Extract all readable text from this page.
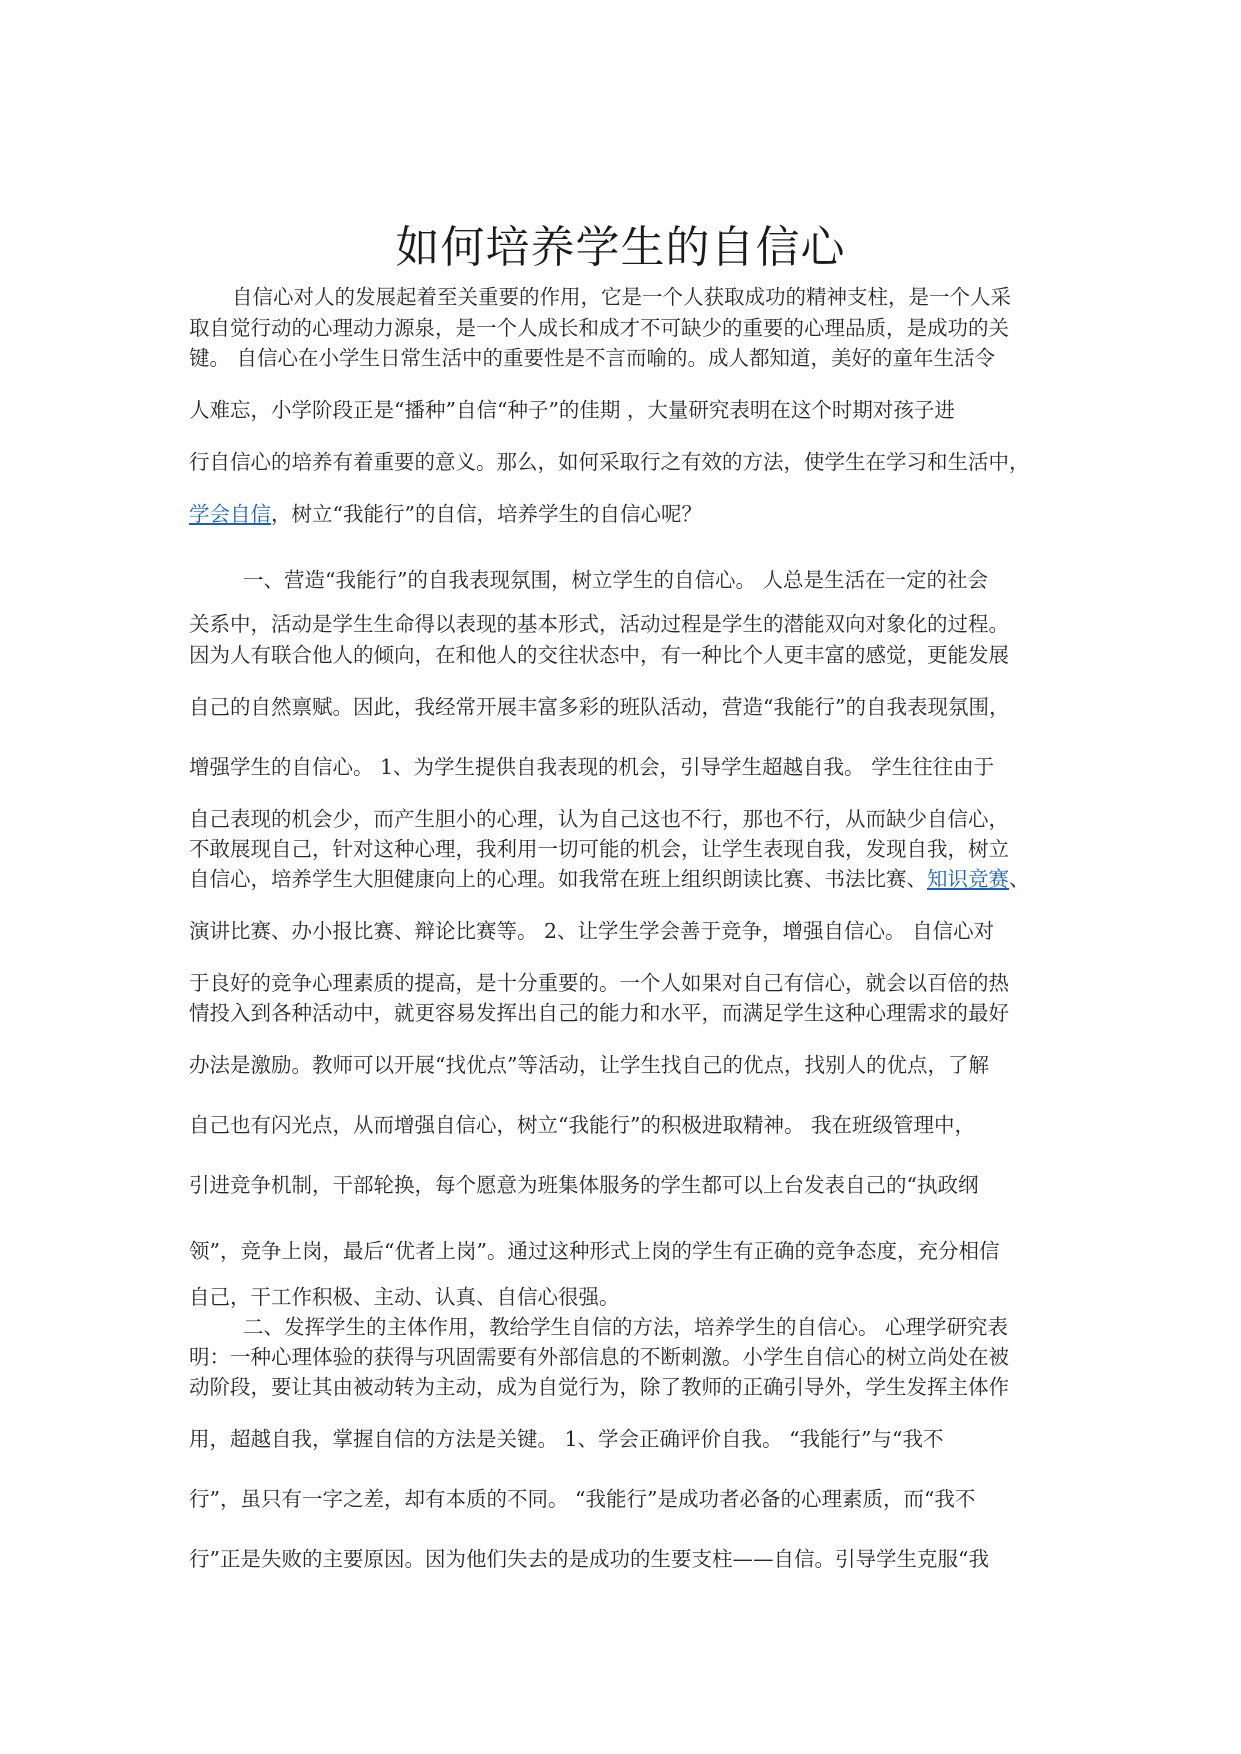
如何培养学生的自信心
自信心对人的发展起着至关重要的作用，它是一个人获取成功的精神支柱，是一个人采
取自觉行动的心理动力源泉，是一个人成长和成才不可缺少的重要的心理品质，是成功的关
键。 自信心在小学生日常生活中的重要性是不言而喻的。成人都知道，美好的童年生活令
人难忘，小学阶段正是“播种”自信“种子”的佳期 ，大量研究表明在这个时期对孩子进
行自信心的培养有着重要的意义。那么，如何采取行之有效的方法，使学生在学习和生活中，
学会自信，树立“我能行”的自信，培养学生的自信心呢？
一、营造“我能行”的自我表现氛围，树立学生的自信心。 人总是生活在一定的社会
关系中，活动是学生生命得以表现的基本形式，活动过程是学生的潜能双向对象化的过程。
因为人有联合他人的倾向，在和他人的交往状态中，有一种比个人更丰富的感觉，更能发展
自己的自然禀赋。因此，我经常开展丰富多彩的班队活动，营造“我能行”的自我表现氛围，
增强学生的自信心。 1、为学生提供自我表现的机会，引导学生超越自我。 学生往往由于
自己表现的机会少，而产生胆小的心理，认为自己这也不行，那也不行，从而缺少自信心，
不敢展现自己，针对这种心理，我利用一切可能的机会，让学生表现自我，发现自我，树立
自信心，培养学生大胆健康向上的心理。如我常在班上组织朗读比赛、书法比赛、知识竞赛、
演讲比赛、办小报比赛、辩论比赛等。 2、让学生学会善于竞争，增强自信心。 自信心对
于良好的竞争心理素质的提高，是十分重要的。一个人如果对自己有信心，就会以百倍的热
情投入到各种活动中，就更容易发挥出自己的能力和水平，而满足学生这种心理需求的最好
办法是激励。教师可以开展“找优点”等活动，让学生找自己的优点，找别人的优点，了解
自己也有闪光点，从而增强自信心，树立“我能行”的积极进取精神。 我在班级管理中，
引进竞争机制，干部轮换，每个愿意为班集体服务的学生都可以上台发表自己的“执政纲
领”，竞争上岗，最后“优者上岗”。通过这种形式上岗的学生有正确的竞争态度，充分相信
自己，干工作积极、主动、认真、自信心很强。
二、发挥学生的主体作用，教给学生自信的方法，培养学生的自信心。 心理学研究表
明：一种心理体验的获得与巩固需要有外部信息的不断刺激。小学生自信心的树立尚处在被
动阶段，要让其由被动转为主动，成为自觉行为，除了教师的正确引导外，学生发挥主体作
用，超越自我，掌握自信的方法是关键。 1、学会正确评价自我。 “我能行”与“我不
行”，虽只有一字之差，却有本质的不同。 “我能行”是成功者必备的心理素质，而“我不
行”正是失败的主要原因。因为他们失去的是成功的生要支柱——自信。引导学生克服“我
